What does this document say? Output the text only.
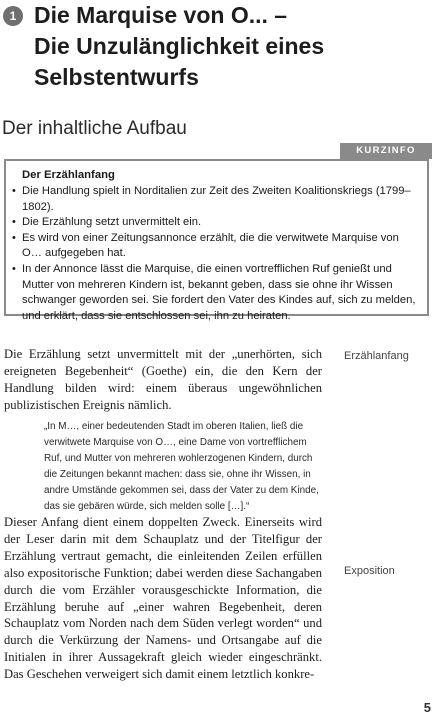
1 Die Marquise von O... –
Die Unzulänglichkeit eines
Selbstentwurfs
Der inhaltliche Aufbau
KURZINFO
Der Erzählanfang
• Die Handlung spielt in Norditalien zur Zeit des Zweiten Koalitionskriegs (1799–1802).
• Die Erzählung setzt unvermittelt ein.
• Es wird von einer Zeitungsannonce erzählt, die die verwitwete Marquise von O… aufgegeben hat.
• In der Annonce lässt die Marquise, die einen vortrefflichen Ruf genießt und Mutter von mehreren Kindern ist, bekannt geben, dass sie ohne ihr Wissen schwanger geworden sei. Sie fordert den Vater des Kindes auf, sich zu melden, und erklärt, dass sie entschlossen sei, ihn zu heiraten.

Die Erzählung setzt unvermittelt mit der „unerhörten, sich ereigneten Begebenheit“ (Goethe) ein, die den Kern der Handlung bilden wird: einem überaus ungewöhnlichen publizistischen Ereignis nämlich.

Erzählanfang

„In M…, einer bedeutenden Stadt im oberen Italien, ließ die verwitwete Marquise von O…, eine Dame von vortrefflichem Ruf, und Mutter von mehreren wohlerzogenen Kindern, durch die Zeitungen bekannt machen: dass sie, ohne ihr Wissen, in andre Umstände gekommen sei, dass der Vater zu dem Kinde, das sie gebären würde, sich melden solle […].“

Dieser Anfang dient einem doppelten Zweck. Einerseits wird der Leser darin mit dem Schauplatz und der Titelfigur der Erzählung vertraut gemacht, die einleitenden Zeilen erfüllen also expositorische Funktion; dabei werden diese Sachangaben durch die vom Erzähler vorausgeschickte Information, die Erzählung beruhe auf „einer wahren Begebenheit, deren Schauplatz vom Norden nach dem Süden verlegt worden“ und durch die Verkürzung der Namens- und Ortsangabe auf die Initialen in ihrer Aussagekraft gleich wieder eingeschränkt. Das Geschehen verweigert sich damit einem letztlich konkre-

Exposition
5
